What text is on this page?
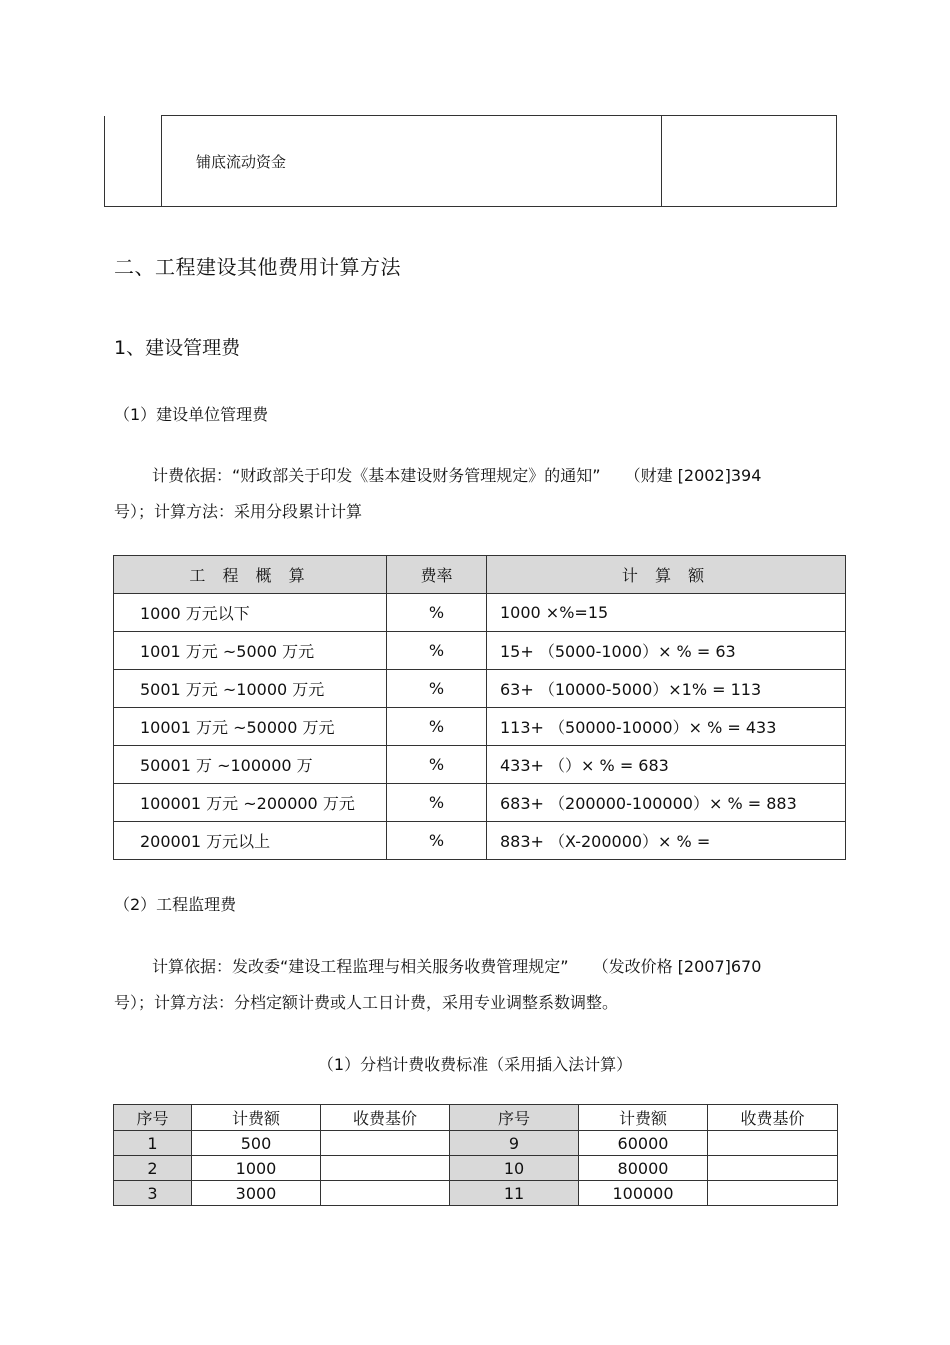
	铺底流动资金	
二、工程建设其他费用计算方法
1、建设管理费
（1）建设单位管理费
计费依据：“财政部关于印发《基本建设财务管理规定》的通知”　　（财建 [2002]394
号）；计算方法：采用分段累计计算
工 程 概 算	费率	计 算 额
1000 万元以下	%	1000 ×%=15
1001 万元 ~5000 万元	%	15+ （5000-1000）× % = 63
5001 万元 ~10000 万元	%	63+ （10000-5000）×1% = 113
10001 万元 ~50000 万元	%	113+ （50000-10000）× % = 433
50001 万 ~100000 万	%	433+ （）× % = 683
100001 万元 ~200000 万元	%	683+ （200000-100000）× % = 883
200001 万元以上	%	883+ （X-200000）× % =
（2）工程监理费
计算依据：发改委“建设工程监理与相关服务收费管理规定”　　（发改价格 [2007]670
号）；计算方法：分档定额计费或人工日计费，采用专业调整系数调整。
（1）分档计费收费标准（采用插入法计算）
序号	计费额	收费基价	序号	计费额	收费基价
1	500		9	60000	
2	1000		10	80000	
3	3000		11	100000	
